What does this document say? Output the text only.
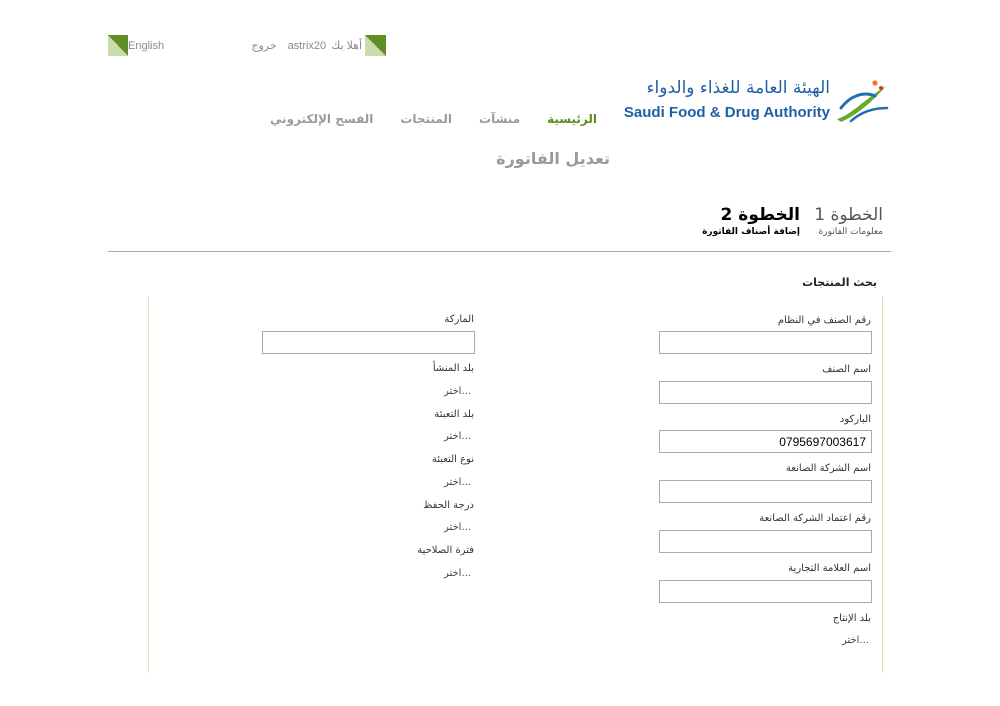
English	أهلا بك
astrix20
خروج
الهيئة العامة للغذاء والدواء
Saudi Food & Drug Authority
الرئيسية
منشآت
المنتجات
الفسح الإلكتروني
تعديل الفاتورة
الخطوة 1
معلومات الفاتورة
الخطوة 2
إضافة أصناف الفاتورة
بحث المنتجات
رقم الصنف في النظام
اسم الصنف
الباركود
0795697003617
اسم الشركة الصانعة
رقم اعتماد الشركة الصانعة
اسم العلامة التجارية
بلد الإنتاج
اختر...
الماركة
بلد المنشأ
اختر...
بلد التعبئة
اختر...
نوع التعبئة
اختر...
درجة الحفظ
اختر...
فترة الصلاحية
اختر...
